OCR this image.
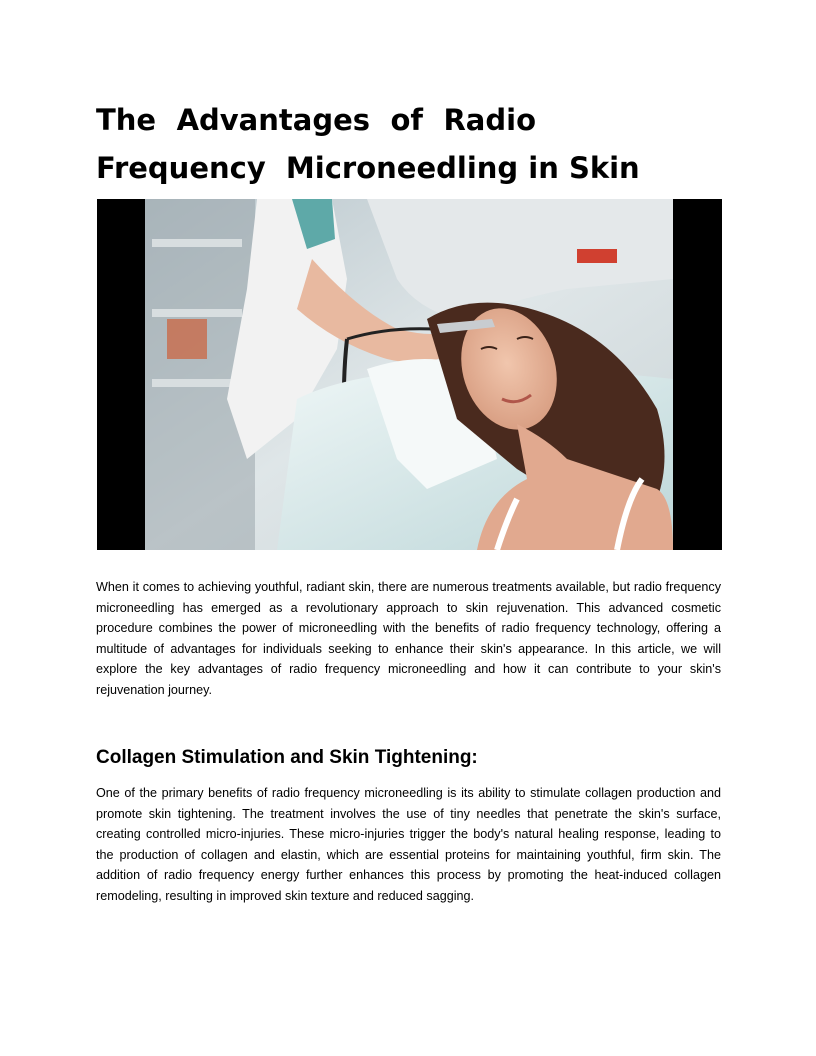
The Advantages of Radio
Frequency  Microneedling in Skin

When it comes to achieving youthful, radiant skin, there are numerous treatments available, but radio frequency microneedling has emerged as a revolutionary approach to skin rejuvenation. This advanced cosmetic procedure combines the power of microneedling with the benefits of radio frequency technology, offering a multitude of advantages for individuals seeking to enhance their skin's appearance. In this article, we will explore the key advantages of radio frequency microneedling and how it can contribute to your skin's rejuvenation journey.

Collagen Stimulation and Skin Tightening:

One of the primary benefits of radio frequency microneedling is its ability to stimulate collagen production and promote skin tightening. The treatment involves the use of tiny needles that penetrate the skin's surface, creating controlled micro-injuries. These micro-injuries trigger the body's natural healing response, leading to the production of collagen and elastin, which are essential proteins for maintaining youthful, firm skin. The addition of radio frequency energy further enhances this process by promoting the heat-induced collagen remodeling, resulting in improved skin texture and reduced sagging.
